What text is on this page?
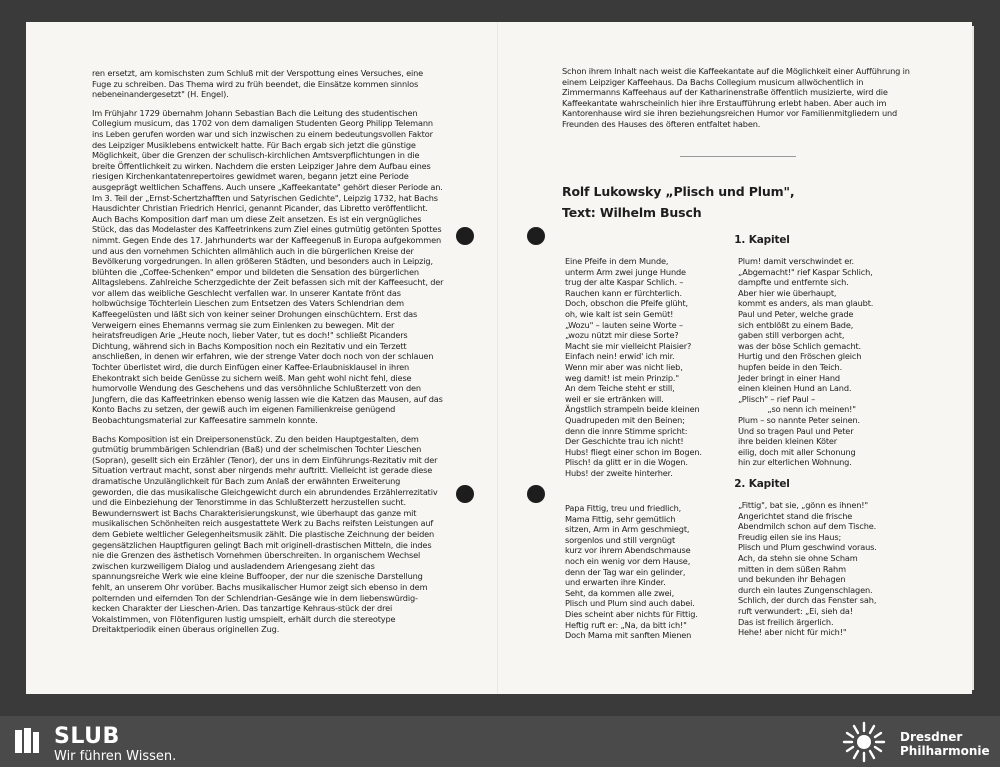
ren ersetzt, am komischsten zum Schluß mit der Verspottung eines Versuches, eine Fuge zu schreiben. Das Thema wird zu früh beendet, die Einsätze kommen sinnlos nebeneinandergesetzt" (H. Engel).

Im Frühjahr 1729 übernahm Johann Sebastian Bach die Leitung des studentischen Collegium musicum, das 1702 von dem damaligen Studenten Georg Philipp Telemann ins Leben gerufen worden war und sich inzwischen zu einem bedeutungsvollen Faktor des Leipziger Musiklebens entwickelt hatte. Für Bach ergab sich jetzt die günstige Möglichkeit, über die Grenzen der schulisch-kirchlichen Amtsverpflichtungen in die breite Öffentlichkeit zu wirken. Nachdem die ersten Leipziger Jahre dem Aufbau eines riesigen Kirchenkantatenrepertoires gewidmet waren, begann jetzt eine Periode ausgeprägt weltlichen Schaffens. Auch unsere „Kaffeekantate" gehört dieser Periode an. Im 3. Teil der „Ernst-Schertzhafften und Satyrischen Gedichte", Leipzig 1732, hat Bachs Hausdichter Christian Friedrich Henrici, genannt Picander, das Libretto veröffentlicht. Auch Bachs Komposition darf man um diese Zeit ansetzen. Es ist ein vergnügliches Stück, das das Modelaster des Kaffeetrinkens zum Ziel eines gutmütig getönten Spottes nimmt. Gegen Ende des 17. Jahrhunderts war der Kaffeegenuß in Europa aufgekommen und aus den vornehmen Schichten allmählich auch in die bürgerlichen Kreise der Bevölkerung vorgedrungen. In allen größeren Städten, und besonders auch in Leipzig, blühten die „Coffee-Schenken" empor und bildeten die Sensation des bürgerlichen Alltagslebens. Zahlreiche Scherzgedichte der Zeit befassen sich mit der Kaffeesucht, der vor allem das weibliche Geschlecht verfallen war. In unserer Kantate frönt das holbwüchsige Töchterlein Lieschen zum Entsetzen des Vaters Schlendrian dem Kaffeegelüsten und läßt sich von keiner seiner Drohungen einschüchtern. Erst das Verweigern eines Ehemanns vermag sie zum Einlenken zu bewegen. Mit der heiratsfreudigen Arie „Heute noch, lieber Vater, tut es doch!" schließt Picanders Dichtung, während sich in Bachs Komposition noch ein Rezitativ und ein Terzett anschließen, in denen wir erfahren, wie der strenge Vater doch noch von der schlauen Tochter überlistet wird, die durch Einfügen einer Kaffee-Erlaubnisklausel in ihren Ehekontrakt sich beide Genüsse zu sichern weiß. Man geht wohl nicht fehl, diese humorvolle Wendung des Geschehens und das versöhnliche Schlußterzett von den Jungfern, die das Kaffeetrinken ebenso wenig lassen wie die Katzen das Mausen, auf das Konto Bachs zu setzen, der gewiß auch im eigenen Familienkreise genügend Beobachtungsmaterial zur Kaffeesatire sammeln konnte.

Bachs Komposition ist ein Dreipersonenstück. Zu den beiden Hauptgestalten, dem gutmütig brummbärigen Schlendrian (Baß) und der schelmischen Tochter Lieschen (Sopran), gesellt sich ein Erzähler (Tenor), der uns in dem Einführungs-Rezitativ mit der Situation vertraut macht, sonst aber nirgends mehr auftritt. Vielleicht ist gerade diese dramatische Unzulänglichkeit für Bach zum Anlaß der erwähnten Erweiterung geworden, die das musikalische Gleichgewicht durch ein abrundendes Erzählerrezitativ und die Einbeziehung der Tenorstimme in das Schlußterzett herzustellen sucht. Bewundernswert ist Bachs Charakterisierungskunst, wie überhaupt das ganze mit musikalischen Schönheiten reich ausgestattete Werk zu Bachs reifsten Leistungen auf dem Gebiete weltlicher Gelegenheitsmusik zählt. Die plastische Zeichnung der beiden gegensätzlichen Hauptfiguren gelingt Bach mit originell-drastischen Mitteln, die indes nie die Grenzen des ästhetisch Vornehmen überschreiten. In organischem Wechsel zwischen kurzweiligem Dialog und ausladendem Ariengesang zieht das spannungsreiche Werk wie eine kleine Buffooper, der nur die szenische Darstellung fehlt, an unserem Ohr vorüber. Bachs musikalischer Humor zeigt sich ebenso in dem polternden und eifernden Ton der Schlendrian-Gesänge wie in dem liebenswürdig-kecken Charakter der Lieschen-Arien. Das tanzartige Kehraus-stück der drei Vokalstimmen, von Flötenfiguren lustig umspielt, erhält durch die stereotype Dreitaktperiodik einen überaus originellen Zug.

Schon ihrem Inhalt nach weist die Kaffeekantate auf die Möglichkeit einer Aufführung in einem Leipziger Kaffeehaus. Da Bachs Collegium musicum allwöchentlich in Zimmermanns Kaffeehaus auf der Katharinenstraße öffentlich musizierte, wird die Kaffeekantate wahrscheinlich hier ihre Erstaufführung erlebt haben. Aber auch im Kantorenhause wird sie ihren beziehungsreichen Humor vor Familienmitgliedern und Freunden des Hauses des öfteren entfaltet haben.
Rolf Lukowsky „Plisch und Plum",
Text: Wilhelm Busch
1. Kapitel
Eine Pfeife in dem Munde,
unterm Arm zwei junge Hunde
trug der alte Kaspar Schlich. –
Rauchen kann er fürchterlich.
Doch, obschon die Pfeife glüht,
oh, wie kalt ist sein Gemüt!
„Wozu" – lauten seine Worte –
„wozu nützt mir diese Sorte?
Macht sie mir vielleicht Plaisier?
Einfach nein! erwid' ich mir.
Wenn mir aber was nicht lieb,
weg damit! ist mein Prinzip."
An dem Teiche steht er still,
weil er sie ertränken will.
Ängstlich strampeln beide kleinen
Quadrupeden mit den Beinen;
denn die innre Stimme spricht:
Der Geschichte trau ich nicht!
Hubs! fliegt einer schon im Bogen.
Plisch! da glitt er in die Wogen.
Hubs! der zweite hinterher.
Plum! damit verschwindet er.
„Abgemacht!" rief Kaspar Schlich,
dampfte und entfernte sich.
Aber hier wie überhaupt,
kommt es anders, als man glaubt.
Paul und Peter, welche grade
sich entblößt zu einem Bade,
gaben still verborgen acht,
was der böse Schlich gemacht.
Hurtig und den Fröschen gleich
hupfen beide in den Teich.
Jeder bringt in einer Hand
einen kleinen Hund an Land.
„Plisch" – rief Paul –
„so nenn ich meinen!"
Plum – so nannte Peter seinen.
Und so tragen Paul und Peter
ihre beiden kleinen Köter
eilig, doch mit aller Schonung
hin zur elterlichen Wohnung.
2. Kapitel
Papa Fittig, treu und friedlich,
Mama Fittig, sehr gemütlich
sitzen, Arm in Arm geschmiegt,
sorgenlos und still vergnügt
kurz vor ihrem Abendschmause
noch ein wenig vor dem Hause,
denn der Tag war ein gelinder,
und erwarten ihre Kinder.
Seht, da kommen alle zwei,
Plisch und Plum sind auch dabei.
Dies scheint aber nichts für Fittig.
Heftig ruft er: „Na, da bitt ich!"
Doch Mama mit sanften Mienen
„Fittig", bat sie, „gönn es ihnen!"
Angerichtet stand die frische
Abendmilch schon auf dem Tische.
Freudig eilen sie ins Haus;
Plisch und Plum geschwind voraus.
Ach, da stehn sie ohne Scham
mitten in dem süßen Rahm
und bekunden ihr Behagen
durch ein lautes Zungenschlagen.
Schlich, der durch das Fenster sah,
ruft verwundert: „Ei, sieh da!
Das ist freilich ärgerlich.
Hehe! aber nicht für mich!"
SLUB
Wir führen Wissen.
Dresdner
Philharmonie
